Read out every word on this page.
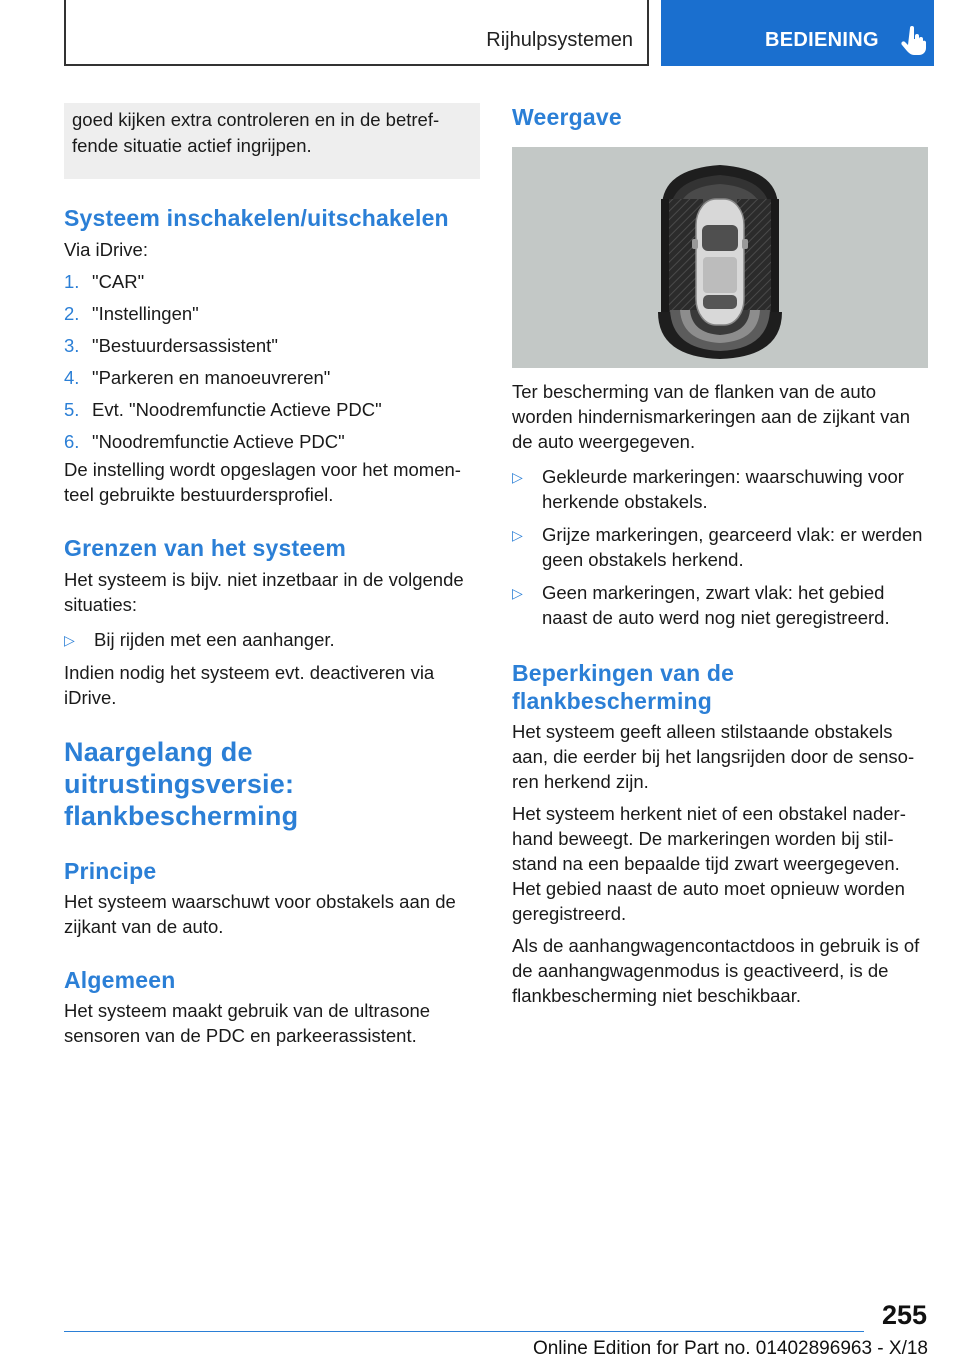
Rijhulpsystemen	BEDIENING
goed kijken extra controleren en in de betref-fende situatie actief ingrijpen.
Systeem inschakelen/uitschakelen

Via iDrive:

1. "CAR"
2. "Instellingen"
3. "Bestuurdersassistent"
4. "Parkeren en manoeuvreren"
5. Evt. "Noodremfunctie Actieve PDC"
6. "Noodremfunctie Actieve PDC"

De instelling wordt opgeslagen voor het momen-teel gebruikte bestuurdersprofiel.

Grenzen van het systeem

Het systeem is bijv. niet inzetbaar in de volgende situaties:

▷	Bij rijden met een aanhanger.

Indien nodig het systeem evt. deactiveren via iDrive.

Naargelang de uitrustingsversie:
flankbescherming
Principe

Het systeem waarschuwt voor obstakels aan de zijkant van de auto.

Algemeen

Het systeem maakt gebruik van de ultrasone sensoren van de PDC en parkeerassistent.

Weergave

Ter bescherming van de flanken van de auto worden hindernismarkeringen aan de zijkant van de auto weergegeven.

▷	Gekleurde markeringen: waarschuwing voor herkende obstakels.
▷	Grijze markeringen, gearceerd vlak: er werden geen obstakels herkend.
▷	Geen markeringen, zwart vlak: het gebied naast de auto werd nog niet geregistreerd.
Beperkingen van de
flankbescherming

Het systeem geeft alleen stilstaande obstakels aan, die eerder bij het langsrijden door de senso-ren herkend zijn.

Het systeem herkent niet of een obstakel nader-hand beweegt. De markeringen worden bij stil-stand na een bepaalde tijd zwart weergegeven. Het gebied naast de auto moet opnieuw worden geregistreerd.

Als de aanhangwagencontactdoos in gebruik is of de aanhangwagenmodus is geactiveerd, is de flankbescherming niet beschikbaar.

255
Online Edition for Part no. 01402896963 - X/18
